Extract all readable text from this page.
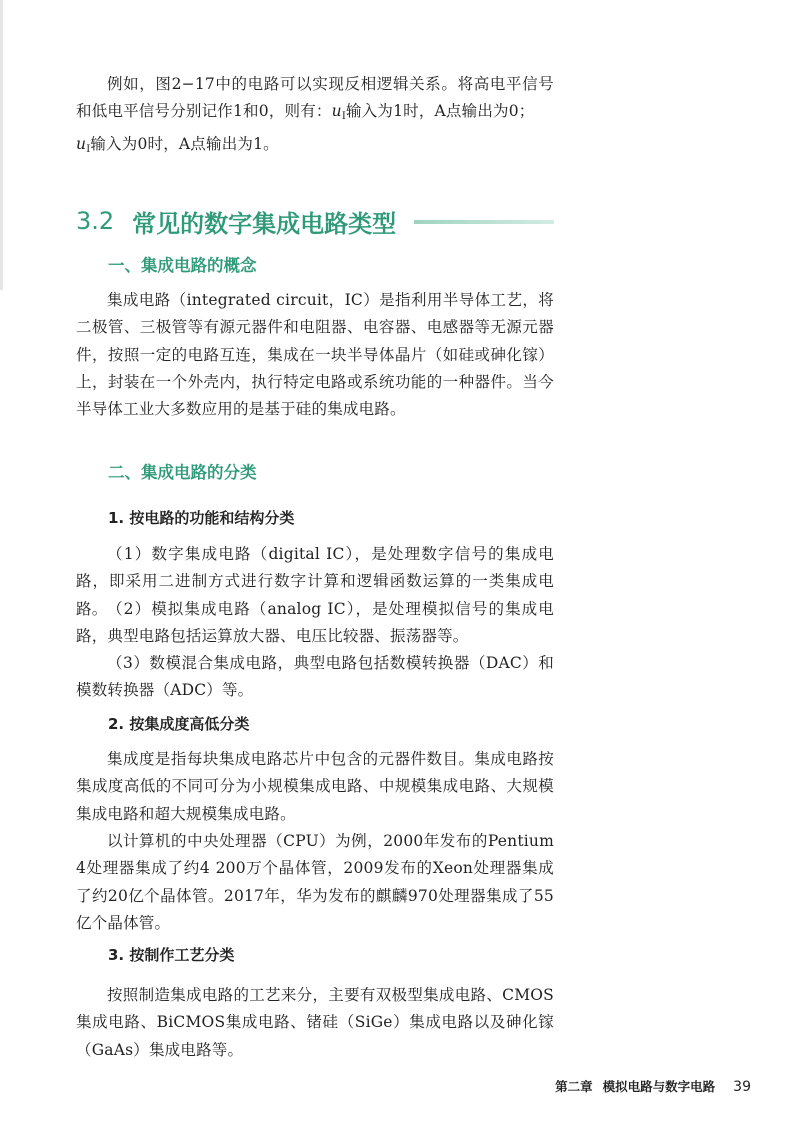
例如，图2−17中的电路可以实现反相逻辑关系。将高电平信号和低电平信号分别记作1和0，则有：$u_I$输入为1时，A点输出为0；
$u_I$输入为0时，A点输出为1。

3.2 常见的数字集成电路类型
一、集成电路的概念

集成电路（integrated circuit，IC）是指利用半导体工艺，将二极管、三极管等有源元器件和电阻器、电容器、电感器等无源元器件，按照一定的电路互连，集成在一块半导体晶片（如硅或砷化镓）上，封装在一个外壳内，执行特定电路或系统功能的一种器件。当今半导体工业大多数应用的是基于硅的集成电路。

二、集成电路的分类
1. 按电路的功能和结构分类

（1）数字集成电路（digital IC），是处理数字信号的集成电路，即采用二进制方式进行数字计算和逻辑函数运算的一类集成电路。 （2）模拟集成电路（analog IC），是处理模拟信号的集成电路，典型电路包括运算放大器、电压比较器、振荡器等。

（3）数模混合集成电路，典型电路包括数模转换器（DAC）和模数转换器（ADC）等。

2. 按集成度高低分类

集成度是指每块集成电路芯片中包含的元器件数目。集成电路按集成度高低的不同可分为小规模集成电路、中规模集成电路、大规模集成电路和超大规模集成电路。

以计算机的中央处理器（CPU）为例，2000年发布的Pentium 4处理器集成了约4 200万个晶体管，2009发布的Xeon处理器集成了约20亿个晶体管。2017年，华为发布的麒麟970处理器集成了55亿个晶体管。

3. 按制作工艺分类

按照制造集成电路的工艺来分，主要有双极型集成电路、CMOS集成电路、BiCMOS集成电路、锗硅（SiGe）集成电路以及砷化镓（GaAs）集成电路等。

第二章 模拟电路与数字电路 39
